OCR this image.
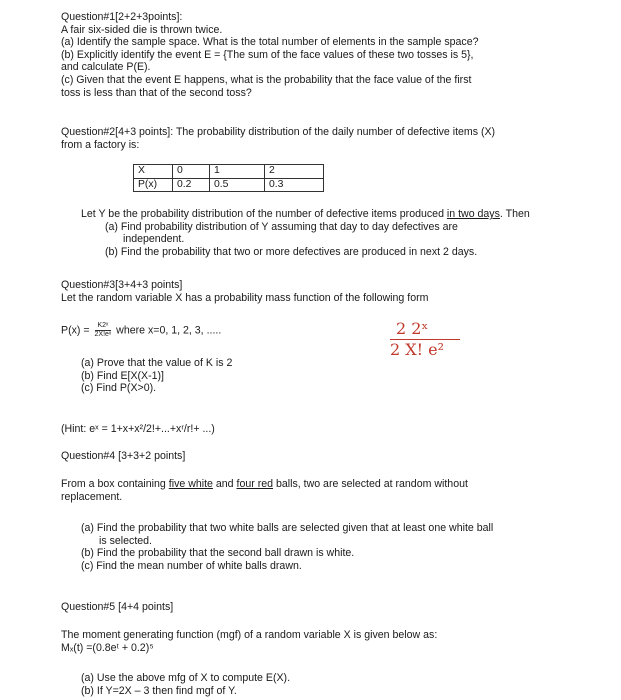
Question#1[2+2+3points]:

A fair six-sided die is thrown twice.

(a) Identify the sample space. What is the total number of elements in the sample space?

(b) Explicitly identify the event E = {The sum of the face values of these two tosses is 5},

and calculate P(E).

(c) Given that the event E happens, what is the probability that the face value of the first

toss is less than that of the second toss?

Question#2[4+3 points]: The probability distribution of the daily number of defective items (X)

from a factory is:

X	0	1	2
P(x)	0.2	0.5	0.3

Let Y be the probability distribution of the number of defective items produced in two days. Then

(a) Find probability distribution of Y assuming that day to day defectives are

independent.

(b) Find the probability that two or more defectives are produced in next 2 days.

Question#3[3+4+3 points]

Let the random variable X has a probability mass function of the following form

$P(x) = \frac{\text{K2ˣ}}{\text{2X!eˣ}}$ where x=0, 1, 2, 3, .....	2 2ˣ
2 X! e²

(a) Prove that the value of K is 2

(b) Find E[X(X-1)]

(c) Find P(X>0).

(Hint: eˣ = 1+x+x²/2!+...+xʳ/r!+ ...)

Question#4 [3+3+2 points]

From a box containing five white and four red balls, two are selected at random without

replacement.

(a) Find the probability that two white balls are selected given that at least one white ball

is selected.

(b) Find the probability that the second ball drawn is white.

(c) Find the mean number of white balls drawn.

Question#5 [4+4 points]

The moment generating function (mgf) of a random variable X is given below as:

Mₓ(t) =(0.8eᵗ + 0.2)⁵

(a) Use the above mfg of X to compute E(X).

(b) If Y=2X – 3 then find mgf of Y.
